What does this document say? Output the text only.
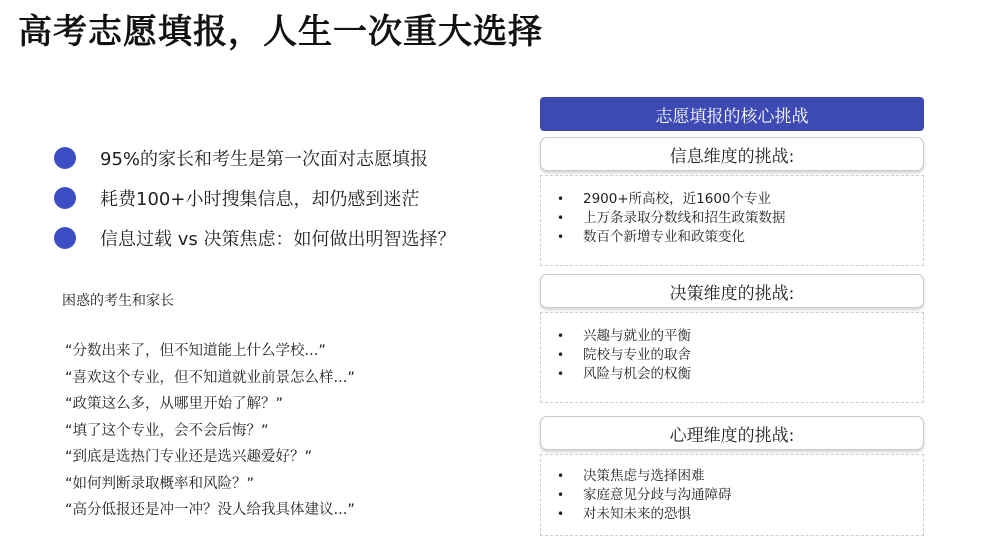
高考志愿填报，人生一次重大选择
95%的家长和考生是第一次面对志愿填报
耗费100+小时搜集信息，却仍感到迷茫
信息过载 vs 决策焦虑：如何做出明智选择？
困惑的考生和家长
“分数出来了，但不知道能上什么学校...”
“喜欢这个专业，但不知道就业前景怎么样...”
“政策这么多，从哪里开始了解？”
“填了这个专业，会不会后悔？”
“到底是选热门专业还是选兴趣爱好？”
“如何判断录取概率和风险？”
“高分低报还是冲一冲？没人给我具体建议...”
志愿填报的核心挑战
信息维度的挑战:
•	2900+所高校，近1600个专业
•	上万条录取分数线和招生政策数据
•	数百个新增专业和政策变化
决策维度的挑战:
•	兴趣与就业的平衡
•	院校与专业的取舍
•	风险与机会的权衡
心理维度的挑战:
•	决策焦虑与选择困难
•	家庭意见分歧与沟通障碍
•	对未知未来的恐惧
